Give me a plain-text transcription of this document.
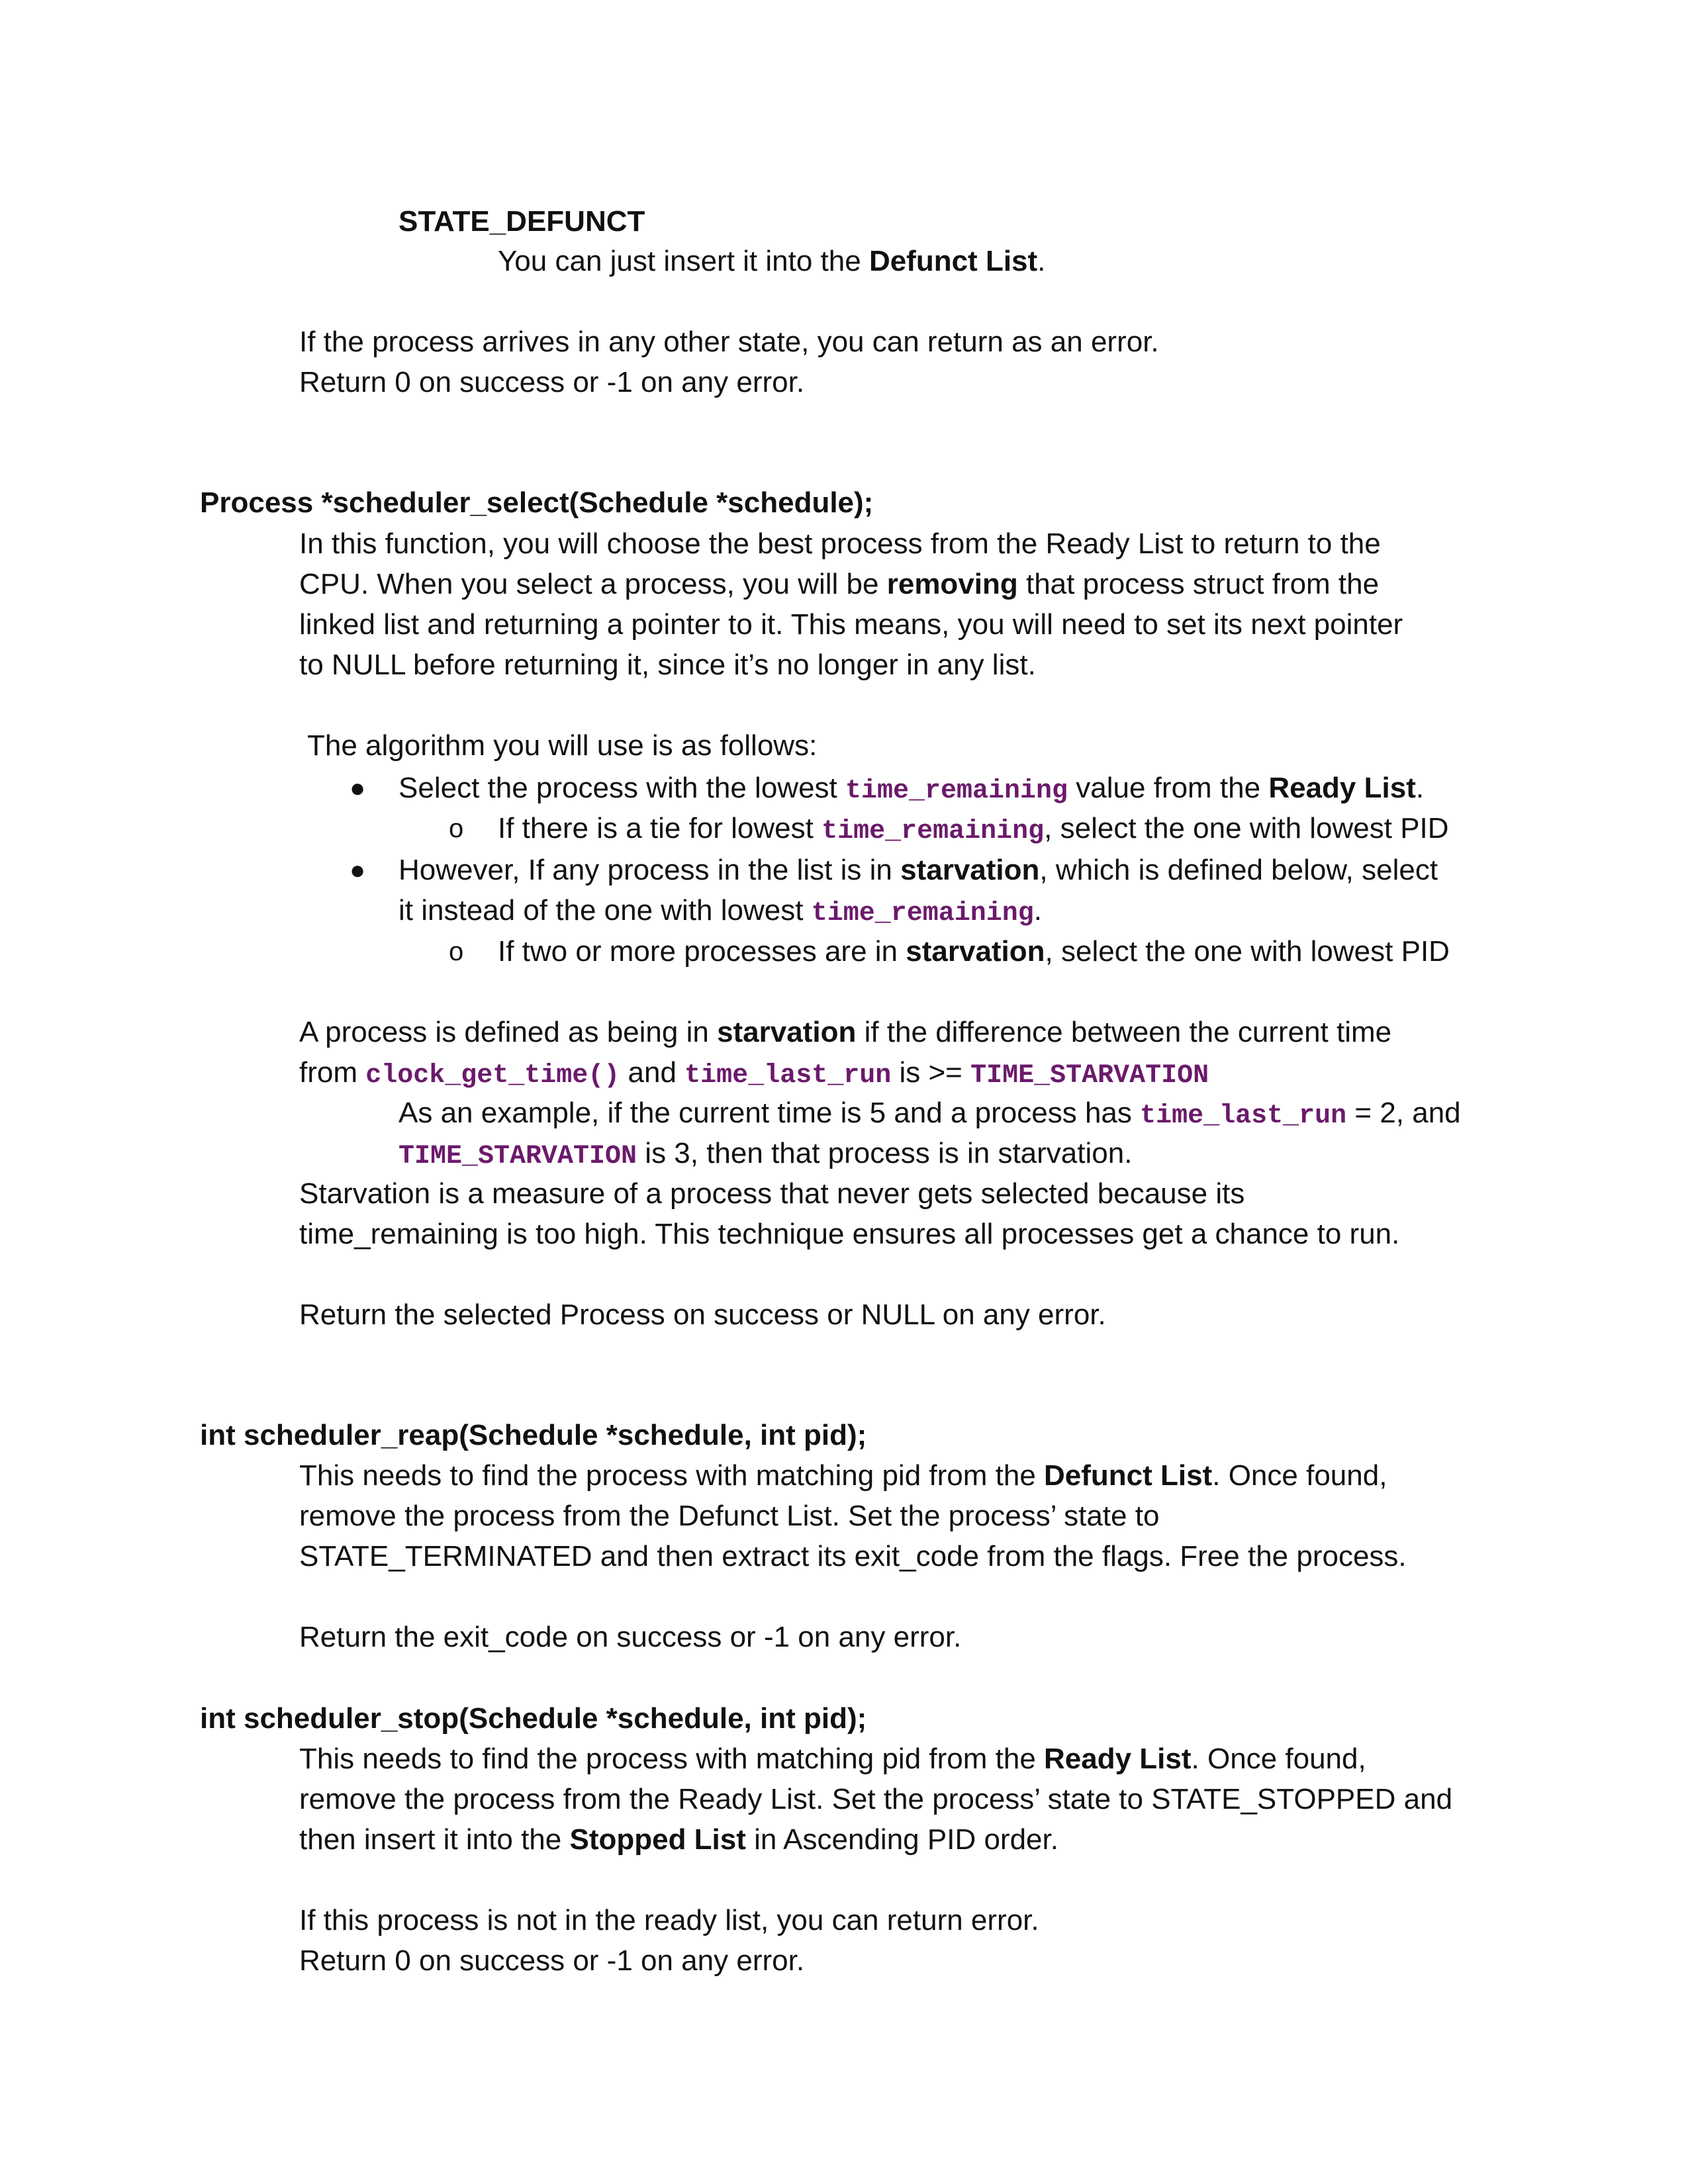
STATE_DEFUNCT
You can just insert it into the Defunct List.
If the process arrives in any other state, you can return as an error.
Return 0 on success or -1 on any error.
Process *scheduler_select(Schedule *schedule);
In this function, you will choose the best process from the Ready List to return to the
CPU. When you select a process, you will be removing that process struct from the
linked list and returning a pointer to it. This means, you will need to set its next pointer
to NULL before returning it, since it’s no longer in any list.
The algorithm you will use is as follows:
● Select the process with the lowest time_remaining value from the Ready List.
o If there is a tie for lowest time_remaining, select the one with lowest PID
● However, If any process in the list is in starvation, which is defined below, select
it instead of the one with lowest time_remaining.
o If two or more processes are in starvation, select the one with lowest PID
A process is defined as being in starvation if the difference between the current time
from clock_get_time() and time_last_run is >= TIME_STARVATION
As an example, if the current time is 5 and a process has time_last_run = 2, and
TIME_STARVATION is 3, then that process is in starvation.
Starvation is a measure of a process that never gets selected because its
time_remaining is too high. This technique ensures all processes get a chance to run.
Return the selected Process on success or NULL on any error.
int scheduler_reap(Schedule *schedule, int pid);
This needs to find the process with matching pid from the Defunct List. Once found,
remove the process from the Defunct List. Set the process’ state to
STATE_TERMINATED and then extract its exit_code from the flags. Free the process.
Return the exit_code on success or -1 on any error.
int scheduler_stop(Schedule *schedule, int pid);
This needs to find the process with matching pid from the Ready List. Once found,
remove the process from the Ready List. Set the process’ state to STATE_STOPPED and
then insert it into the Stopped List in Ascending PID order.
If this process is not in the ready list, you can return error.
Return 0 on success or -1 on any error.
